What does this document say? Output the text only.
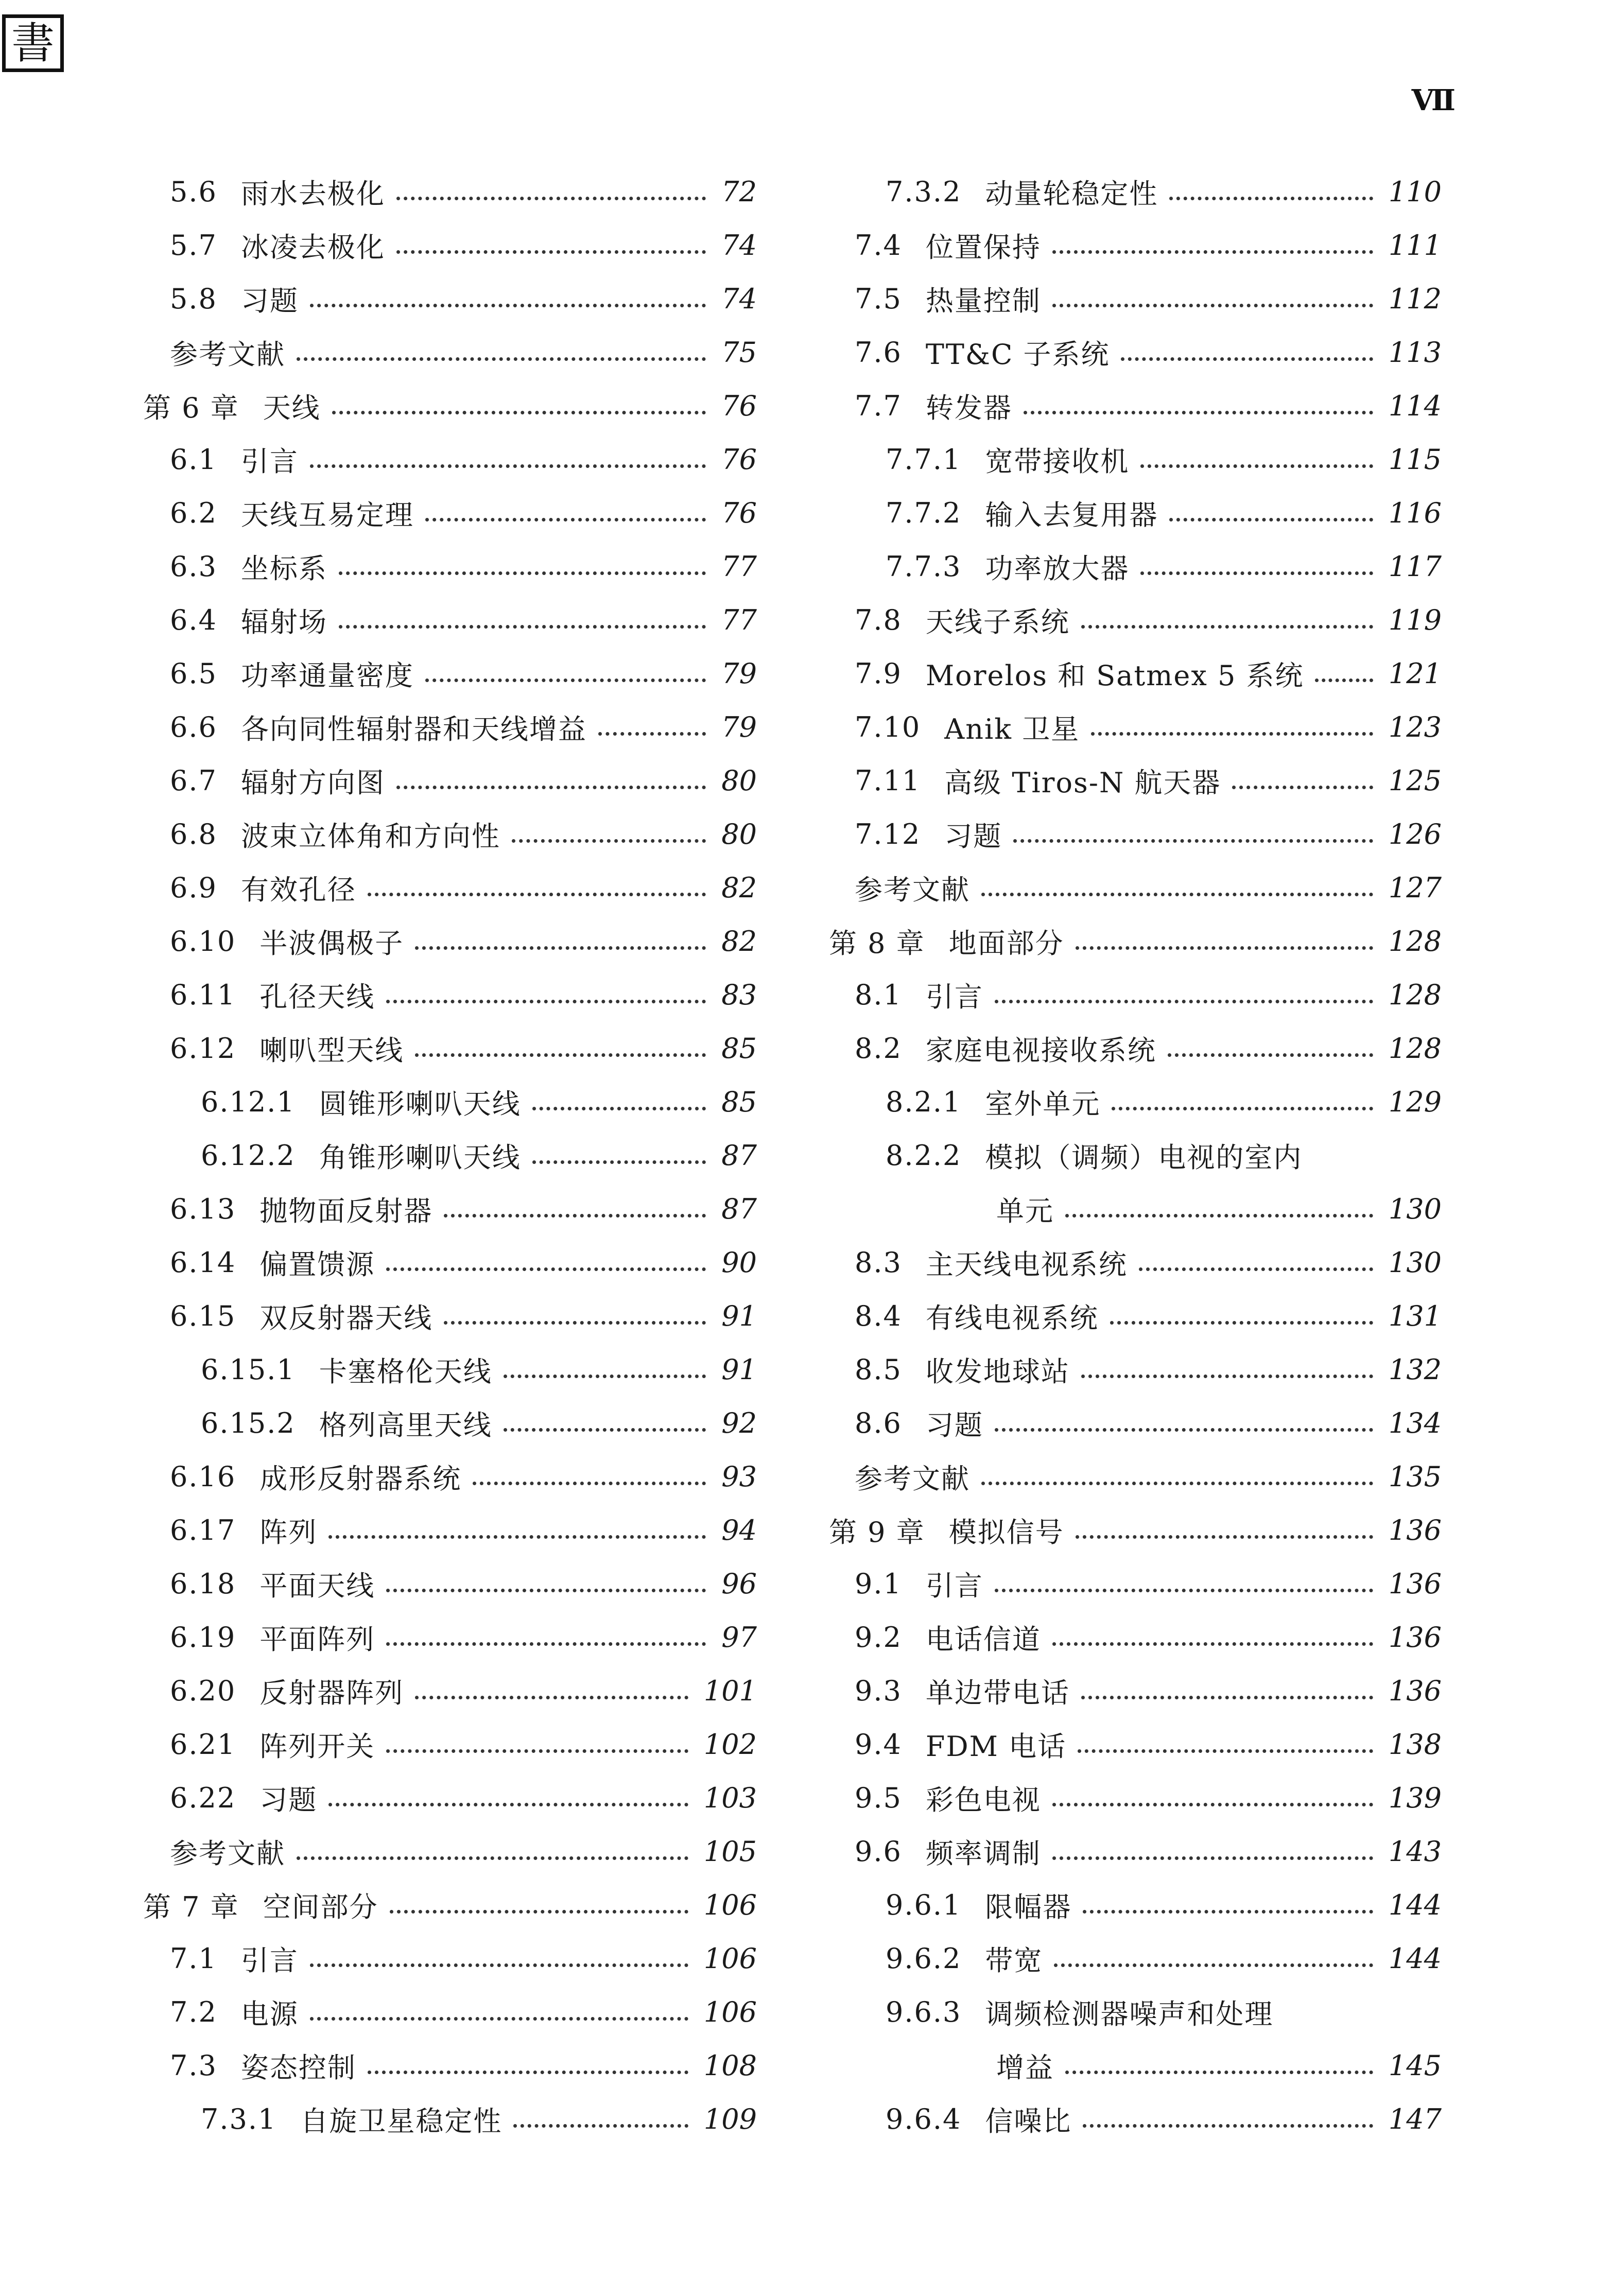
書
Ⅶ
5.6 雨水去极化	72
5.7 冰凌去极化	74
5.8 习题	74
参考文献	75
第 6 章 天线	76
6.1 引言	76
6.2 天线互易定理	76
6.3 坐标系	77
6.4 辐射场	77
6.5 功率通量密度	79
6.6 各向同性辐射器和天线增益	79
6.7 辐射方向图	80
6.8 波束立体角和方向性	80
6.9 有效孔径	82
6.10 半波偶极子	82
6.11 孔径天线	83
6.12 喇叭型天线	85
6.12.1 圆锥形喇叭天线	85
6.12.2 角锥形喇叭天线	87
6.13 抛物面反射器	87
6.14 偏置馈源	90
6.15 双反射器天线	91
6.15.1 卡塞格伦天线	91
6.15.2 格列高里天线	92
6.16 成形反射器系统	93
6.17 阵列	94
6.18 平面天线	96
6.19 平面阵列	97
6.20 反射器阵列	101
6.21 阵列开关	102
6.22 习题	103
参考文献	105
第 7 章 空间部分	106
7.1 引言	106
7.2 电源	106
7.3 姿态控制	108
7.3.1 自旋卫星稳定性	109
7.3.2 动量轮稳定性	110
7.4 位置保持	111
7.5 热量控制	112
7.6 TT&C 子系统	113
7.7 转发器	114
7.7.1 宽带接收机	115
7.7.2 输入去复用器	116
7.7.3 功率放大器	117
7.8 天线子系统	119
7.9 Morelos 和 Satmex 5 系统	121
7.10 Anik 卫星	123
7.11 高级 Tiros-N 航天器	125
7.12 习题	126
参考文献	127
第 8 章 地面部分	128
8.1 引言	128
8.2 家庭电视接收系统	128
8.2.1 室外单元	129
8.2.2 模拟（调频）电视的室内
单元	130
8.3 主天线电视系统	130
8.4 有线电视系统	131
8.5 收发地球站	132
8.6 习题	134
参考文献	135
第 9 章 模拟信号	136
9.1 引言	136
9.2 电话信道	136
9.3 单边带电话	136
9.4 FDM 电话	138
9.5 彩色电视	139
9.6 频率调制	143
9.6.1 限幅器	144
9.6.2 带宽	144
9.6.3 调频检测器噪声和处理
增益	145
9.6.4 信噪比	147
